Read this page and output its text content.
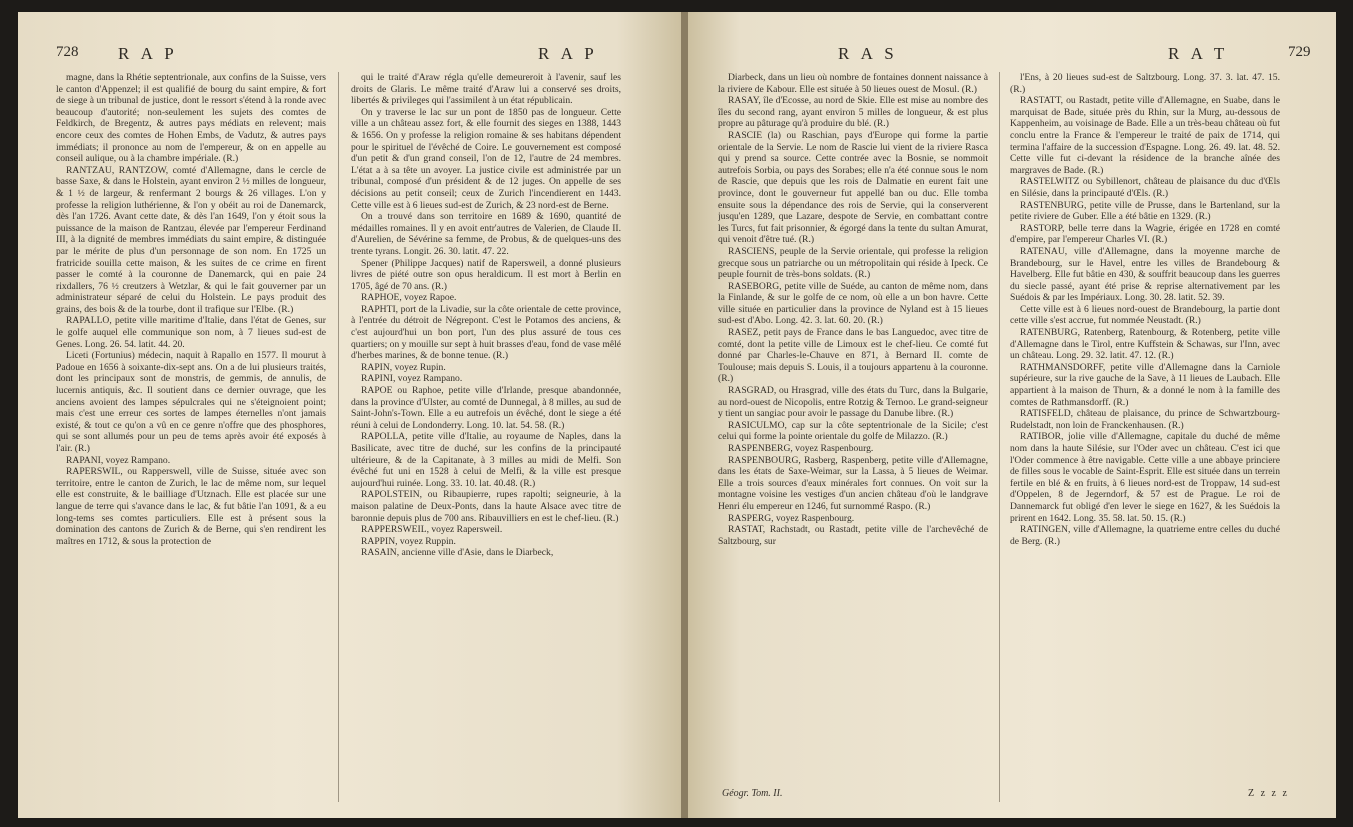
728 R A P	R A P

magne, dans la Rhétie septentrionale, aux confins de la Suisse, vers le canton d'Appenzel; il est qualifié de bourg du saint empire, & fort de siege à un tribunal de justice, dont le ressort s'étend à la ronde avec beaucoup d'autorité; non-seulement les sujets des comtes de Feldkirch, de Bregentz, & autres pays médiats en relevent; mais encore ceux des comtes de Hohen Embs, de Vadutz, & autres pays immédiats; il prononce au nom de l'empereur, & on en appelle au conseil aulique, ou à la chambre impériale. (R.)

RANTZAU, RANTZOW, comté d'Allemagne, dans le cercle de basse Saxe, & dans le Holstein, ayant environ 2 ½ milles de longueur, & 1 ½ de largeur, & renfermant 2 bourgs & 26 villages. L'on y professe la religion luthérienne, & l'on y obéit au roi de Danemarck, dès l'an 1726. Avant cette date, & dès l'an 1649, l'on y étoit sous la puissance de la maison de Rantzau, élevée par l'empereur Ferdinand III, à la dignité de membres immédiats du saint empire, & distinguée par le mérite de plus d'un personnage de son nom. En 1725 un fratricide souilla cette maison, & les suites de ce crime en firent passer le comté à la couronne de Danemarck, qui en paie 24 rixdallers, 76 ½ creutzers à Wetzlar, & qui le fait gouverner par un administrateur séparé de celui du Holstein. Le pays produit des grains, des bois & de la tourbe, dont il trafique sur l'Elbe. (R.)

RAPALLO, petite ville maritime d'Italie, dans l'état de Genes, sur le golfe auquel elle communique son nom, à 7 lieues sud-est de Genes. Long. 26. 54. latit. 44. 20.

Liceti (Fortunius) médecin, naquit à Rapallo en 1577. Il mourut à Padoue en 1656 à soixante-dix-sept ans. On a de lui plusieurs traités, dont les principaux sont de monstris, de gemmis, de annulis, de lucernis antiquis, &c. Il soutient dans ce dernier ouvrage, que les anciens avoient des lampes sépulcrales qui ne s'éteignoient point; mais c'est une erreur ces sortes de lampes éternelles n'ont jamais existé, & tout ce qu'on a vû en ce genre n'offre que des phosphores, qui se sont allumés pour un peu de tems après avoir été exposés à l'air. (R.)

RAPANI, voyez Rampano.

RAPERSWIL, ou Rapperswell, ville de Suisse, située avec son territoire, entre le canton de Zurich, le lac de même nom, sur lequel elle est construite, & le bailliage d'Utznach. Elle est placée sur une langue de terre qui s'avance dans le lac, & fut bâtie l'an 1091, & a eu long-tems ses comtes particuliers. Elle est à présent sous la domination des cantons de Zurich & de Berne, qui s'en rendirent les maîtres en 1712, & sous la protection de

qui le traité d'Araw régla qu'elle demeureroit à l'avenir, sauf les droits de Glaris. Le même traité d'Araw lui a conservé ses droits, libertés & privileges qui l'assimilent à un état républicain.

On y traverse le lac sur un pont de 1850 pas de longueur. Cette ville a un château assez fort, & elle fournit des sieges en 1388, 1443 & 1656. On y professe la religion romaine & ses habitans dépendent pour le spirituel de l'évêché de Coire. Le gouvernement est composé d'un petit & d'un grand conseil, l'on de 12, l'autre de 24 membres. L'état a à sa tête un avoyer. La justice civile est administrée par un tribunal, composé d'un président & de 12 juges. On appelle de ses décisions au petit conseil; ceux de Zurich l'incendierent en 1443. Cette ville est à 6 lieues sud-est de Zurich, & 23 nord-est de Berne.

On a trouvé dans son territoire en 1689 & 1690, quantité de médailles romaines. Il y en avoit entr'autres de Valerien, de Claude II. d'Aurelien, de Sévérine sa femme, de Probus, & de quelques-uns des trente tyrans. Longit. 26. 30. latit. 47. 22.

Spener (Philippe Jacques) natif de Rapersweil, a donné plusieurs livres de piété outre son opus heraldicum. Il est mort à Berlin en 1705, âgé de 70 ans. (R.)

RAPHOE, voyez Rapoe.

RAPHTI, port de la Livadie, sur la côte orientale de cette province, à l'entrée du détroit de Négrepont. C'est le Potamos des anciens, & c'est aujourd'hui un bon port, l'un des plus assuré de tous ces quartiers; on y mouille sur sept à huit brasses d'eau, fond de vase mêlé d'herbes marines, & de bonne tenue. (R.)

RAPIN, voyez Rupin.

RAPINI, voyez Rampano.

RAPOE ou Raphoe, petite ville d'Irlande, presque abandonnée, dans la province d'Ulster, au comté de Dunnegal, à 8 milles, au sud de Saint-John's-Town. Elle a eu autrefois un évêché, dont le siege a été réuni à celui de Londonderry. Long. 10. lat. 54. 58. (R.)

RAPOLLA, petite ville d'Italie, au royaume de Naples, dans la Basilicate, avec titre de duché, sur les confins de la principauté ultérieure, & de la Capitanate, à 3 milles au midi de Melfi. Son évêché fut uni en 1528 à celui de Melfi, & la ville est presque aujourd'hui ruinée. Long. 33. 10. lat. 40.48. (R.)

RAPOLSTEIN, ou Ribaupierre, rupes rapolti; seigneurie, à la maison palatine de Deux-Ponts, dans la haute Alsace avec titre de baronnie depuis plus de 700 ans. Ribauvilliers en est le chef-lieu. (R.)

RAPPERSWEIL, voyez Rapersweil.

RAPPIN, voyez Ruppin.

RASAIN, ancienne ville d'Asie, dans le Diarbeck,

R A S	R A T	729

Diarbeck, dans un lieu où nombre de fontaines donnent naissance à la riviere de Kabour. Elle est située à 50 lieues ouest de Mosul. (R.)

RASAY, île d'Ecosse, au nord de Skie. Elle est mise au nombre des îles du second rang, ayant environ 5 milles de longueur, & est plus propre au pâturage qu'à produire du blé. (R.)

RASCIE (la) ou Raschian, pays d'Europe qui forme la partie orientale de la Servie. Le nom de Rascie lui vient de la riviere Rasca qui y prend sa source. Cette contrée avec la Bosnie, se nommoit autrefois Sorbia, ou pays des Sorabes; elle n'a été connue sous le nom de Rascie, que depuis que les rois de Dalmatie en eurent fait une province, dont le gouverneur fut appellé ban ou duc. Elle tomba ensuite sous la dépendance des rois de Servie, qui la conserverent jusqu'en 1289, que Lazare, despote de Servie, en combattant contre les Turcs, fut fait prisonnier, & égorgé dans la tente du sultan Amurat, qui venoit d'être tué. (R.)

RASCIENS, peuple de la Servie orientale, qui professe la religion grecque sous un patriarche ou un métropolitain qui réside à Ipeck. Ce peuple fournit de très-bons soldats. (R.)

RASEBORG, petite ville de Suéde, au canton de même nom, dans la Finlande, & sur le golfe de ce nom, où elle a un bon havre. Cette ville située en particulier dans la province de Nyland est à 15 lieues sud-est d'Abo. Long. 42. 3. lat. 60. 20. (R.)

RASEZ, petit pays de France dans le bas Languedoc, avec titre de comté, dont la petite ville de Limoux est le chef-lieu. Ce comté fut donné par Charles-le-Chauve en 871, à Bernard II. comte de Toulouse; mais depuis S. Louis, il a toujours appartenu à la couronne. (R.)

RASGRAD, ou Hrasgrad, ville des états du Turc, dans la Bulgarie, au nord-ouest de Nicopolis, entre Rotzig & Ternoo. Le grand-seigneur y tient un sangiac pour avoir le passage du Danube libre. (R.)

RASICULMO, cap sur la côte septentrionale de la Sicile; c'est celui qui forme la pointe orientale du golfe de Milazzo. (R.)

RASPENBERG, voyez Raspenbourg.

RASPENBOURG, Rasberg, Raspenberg, petite ville d'Allemagne, dans les états de Saxe-Weimar, sur la Lassa, à 5 lieues de Weimar. Elle a trois sources d'eaux minérales fort connues. On voit sur la montagne voisine les vestiges d'un ancien château d'où le landgrave Henri élu empereur en 1246, fut surnommé Raspo. (R.)

RASPERG, voyez Raspenbourg.

RASTAT, Rachstadt, ou Rastadt, petite ville de l'archevêché de Saltzbourg, sur

Géogr. Tom. II.

l'Ens, à 20 lieues sud-est de Saltzbourg. Long. 37. 3. lat. 47. 15. (R.)

RASTATT, ou Rastadt, petite ville d'Allemagne, en Suabe, dans le marquisat de Bade, située près du Rhin, sur la Murg, au-dessous de Kappenheim, au voisinage de Bade. Elle a un très-beau château où fut conclu entre la France & l'empereur le traité de paix de 1714, qui termina l'affaire de la succession d'Espagne. Long. 26. 49. lat. 48. 52. Cette ville fut ci-devant la résidence de la branche aînée des margraves de Bade. (R.)

RASTELWITZ ou Sybillenort, château de plaisance du duc d'Œls en Silésie, dans la principauté d'Œls. (R.)

RASTENBURG, petite ville de Prusse, dans le Bartenland, sur la petite riviere de Guber. Elle a été bâtie en 1329. (R.)

RASTORP, belle terre dans la Wagrie, érigée en 1728 en comté d'empire, par l'empereur Charles VI. (R.)

RATENAU, ville d'Allemagne, dans la moyenne marche de Brandebourg, sur le Havel, entre les villes de Brandebourg & Havelberg. Elle fut bâtie en 430, & souffrit beaucoup dans les guerres du siecle passé, ayant été prise & reprise alternativement par les Suédois & par les Impériaux. Long. 30. 28. latit. 52. 39.

Cette ville est à 6 lieues nord-ouest de Brandebourg, la partie dont cette ville s'est accrue, fut nommée Neustadt. (R.)

RATENBURG, Ratenberg, Ratenbourg, & Rotenberg, petite ville d'Allemagne dans le Tirol, entre Kuffstein & Schawas, sur l'Inn, avec un château. Long. 29. 32. latit. 47. 12. (R.)

RATHMANSDORFF, petite ville d'Allemagne dans la Carniole supérieure, sur la rive gauche de la Save, à 11 lieues de Laubach. Elle appartient à la maison de Thurn, & a donné le nom à la famille des comtes de Rathmansdorff. (R.)

RATISFELD, château de plaisance, du prince de Schwartzbourg-Rudelstadt, non loin de Franckenhausen. (R.)

RATIBOR, jolie ville d'Allemagne, capitale du duché de même nom dans la haute Silésie, sur l'Oder avec un château. C'est ici que l'Oder commence à être navigable. Cette ville a une abbaye princiere de filles sous le vocable de Saint-Esprit. Elle est située dans un terrein fertile en blé & en fruits, à 6 lieues nord-est de Troppaw, 14 sud-est d'Oppelen, 8 de Jegerndorf, & 57 est de Prague. Le roi de Dannemarck fut obligé d'en lever le siege en 1627, & les Suédois la prirent en 1642. Long. 35. 58. lat. 50. 15. (R.)

RATINGEN, ville d'Allemagne, la quatrieme entre celles du duché de Berg. (R.)

Z z z z
